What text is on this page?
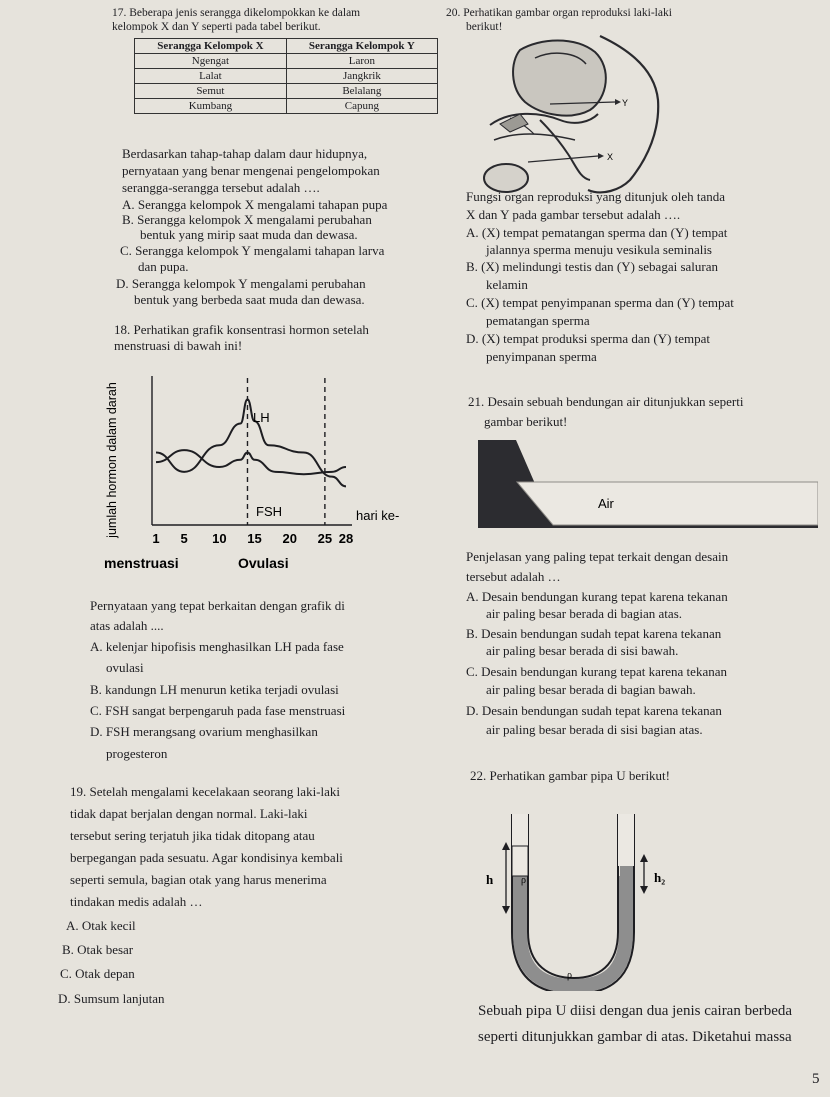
17. Beberapa jenis serangga dikelompokkan ke dalam
kelompok X dan Y seperti pada tabel berikut.
Serangga Kelompok X	Serangga Kelompok Y
Ngengat	Laron
Lalat	Jangkrik
Semut	Belalang
Kumbang	Capung
Berdasarkan tahap-tahap dalam daur hidupnya,
pernyataan yang benar mengenai pengelompokan
serangga-serangga tersebut adalah ….
A. Serangga kelompok X mengalami tahapan pupa
B. Serangga kelompok X mengalami perubahan
bentuk yang mirip saat muda dan dewasa.
C. Serangga kelompok Y mengalami tahapan larva
dan pupa.
D. Serangga kelompok Y mengalami perubahan
bentuk yang berbeda saat muda dan dewasa.
18. Perhatikan grafik konsentrasi hormon setelah
menstruasi di bawah ini!
1 5 10 15 20 25 28
jumlah hormon dalam darah	hari ke-
LH
FSH
menstruasi	Ovulasi
Pernyataan yang tepat berkaitan dengan grafik di
atas adalah ....
A. kelenjar hipofisis menghasilkan LH pada fase
ovulasi
B. kandungn LH menurun ketika terjadi ovulasi
C. FSH sangat berpengaruh pada fase menstruasi
D. FSH merangsang ovarium menghasilkan
progesteron
19. Setelah mengalami kecelakaan seorang laki-laki
tidak dapat berjalan dengan normal. Laki-laki
tersebut sering terjatuh jika tidak ditopang atau
berpegangan pada sesuatu. Agar kondisinya kembali
seperti semula, bagian otak yang harus menerima
tindakan medis adalah …
A. Otak kecil
B. Otak besar
C. Otak depan
D. Sumsum lanjutan
20. Perhatikan gambar organ reproduksi laki-laki
berikut!
Y
X
Fungsi organ reproduksi yang ditunjuk oleh tanda
X dan Y pada gambar tersebut adalah ….
A. (X) tempat pematangan sperma dan (Y) tempat
jalannya sperma menuju vesikula seminalis
B. (X) melindungi testis dan (Y) sebagai saluran
kelamin
C. (X) tempat penyimpanan sperma dan (Y) tempat
pematangan sperma
D. (X) tempat produksi sperma dan (Y) tempat
penyimpanan sperma
21. Desain sebuah bendungan air ditunjukkan seperti
gambar berikut!
Air
Penjelasan yang paling tepat terkait dengan desain
tersebut adalah …
A. Desain bendungan kurang tepat karena tekanan
air paling besar berada di bagian atas.
B. Desain bendungan sudah tepat karena tekanan
air paling besar berada di sisi bawah.
C. Desain bendungan kurang tepat karena tekanan
air paling besar berada di bagian bawah.
D. Desain bendungan sudah tepat karena tekanan
air paling besar berada di sisi bagian atas.
22. Perhatikan gambar pipa U berikut!
h	ρ	h₂
ρ
Sebuah pipa U diisi dengan dua jenis cairan berbeda
seperti ditunjukkan gambar di atas. Diketahui massa
5
